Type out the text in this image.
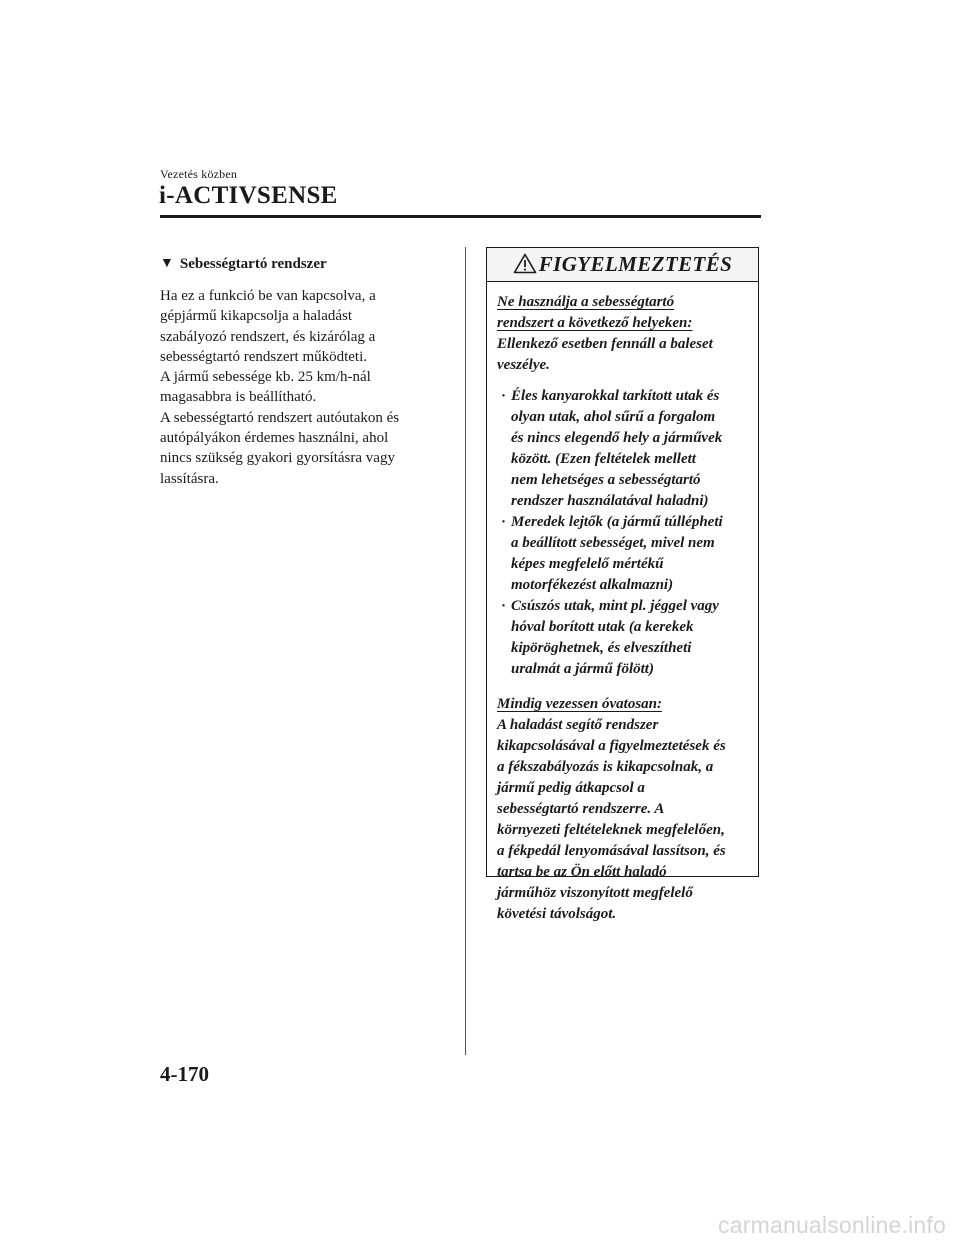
Vezetés közben
i-ACTIVSENSE
▼ Sebességtartó rendszer
Ha ez a funkció be van kapcsolva, a
gépjármű kikapcsolja a haladást
szabályozó rendszert, és kizárólag a
sebességtartó rendszert működteti.
A jármű sebessége kb. 25 km/h-nál
magasabbra is beállítható.
A sebességtartó rendszert autóutakon és
autópályákon érdemes használni, ahol
nincs szükség gyakori gyorsításra vagy
lassításra.
FIGYELMEZTETÉS
Ne használja a sebességtartó
rendszert a következő helyeken:
Ellenkező esetben fennáll a baleset
veszélye.
· Éles kanyarokkal tarkított utak és
olyan utak, ahol sűrű a forgalom
és nincs elegendő hely a járművek
között. (Ezen feltételek mellett
nem lehetséges a sebességtartó
rendszer használatával haladni)
· Meredek lejtők (a jármű túllépheti
a beállított sebességet, mivel nem
képes megfelelő mértékű
motorfékezést alkalmazni)
· Csúszós utak, mint pl. jéggel vagy
hóval borított utak (a kerekek
kipöröghetnek, és elveszítheti
uralmát a jármű fölött)
Mindig vezessen óvatosan:
A haladást segítő rendszer
kikapcsolásával a figyelmeztetések és
a fékszabályozás is kikapcsolnak, a
jármű pedig átkapcsol a
sebességtartó rendszerre. A
környezeti feltételeknek megfelelően,
a fékpedál lenyomásával lassítson, és
tartsa be az Ön előtt haladó
járműhöz viszonyított megfelelő
követési távolságot.
4-170
carmanualsonline.info
